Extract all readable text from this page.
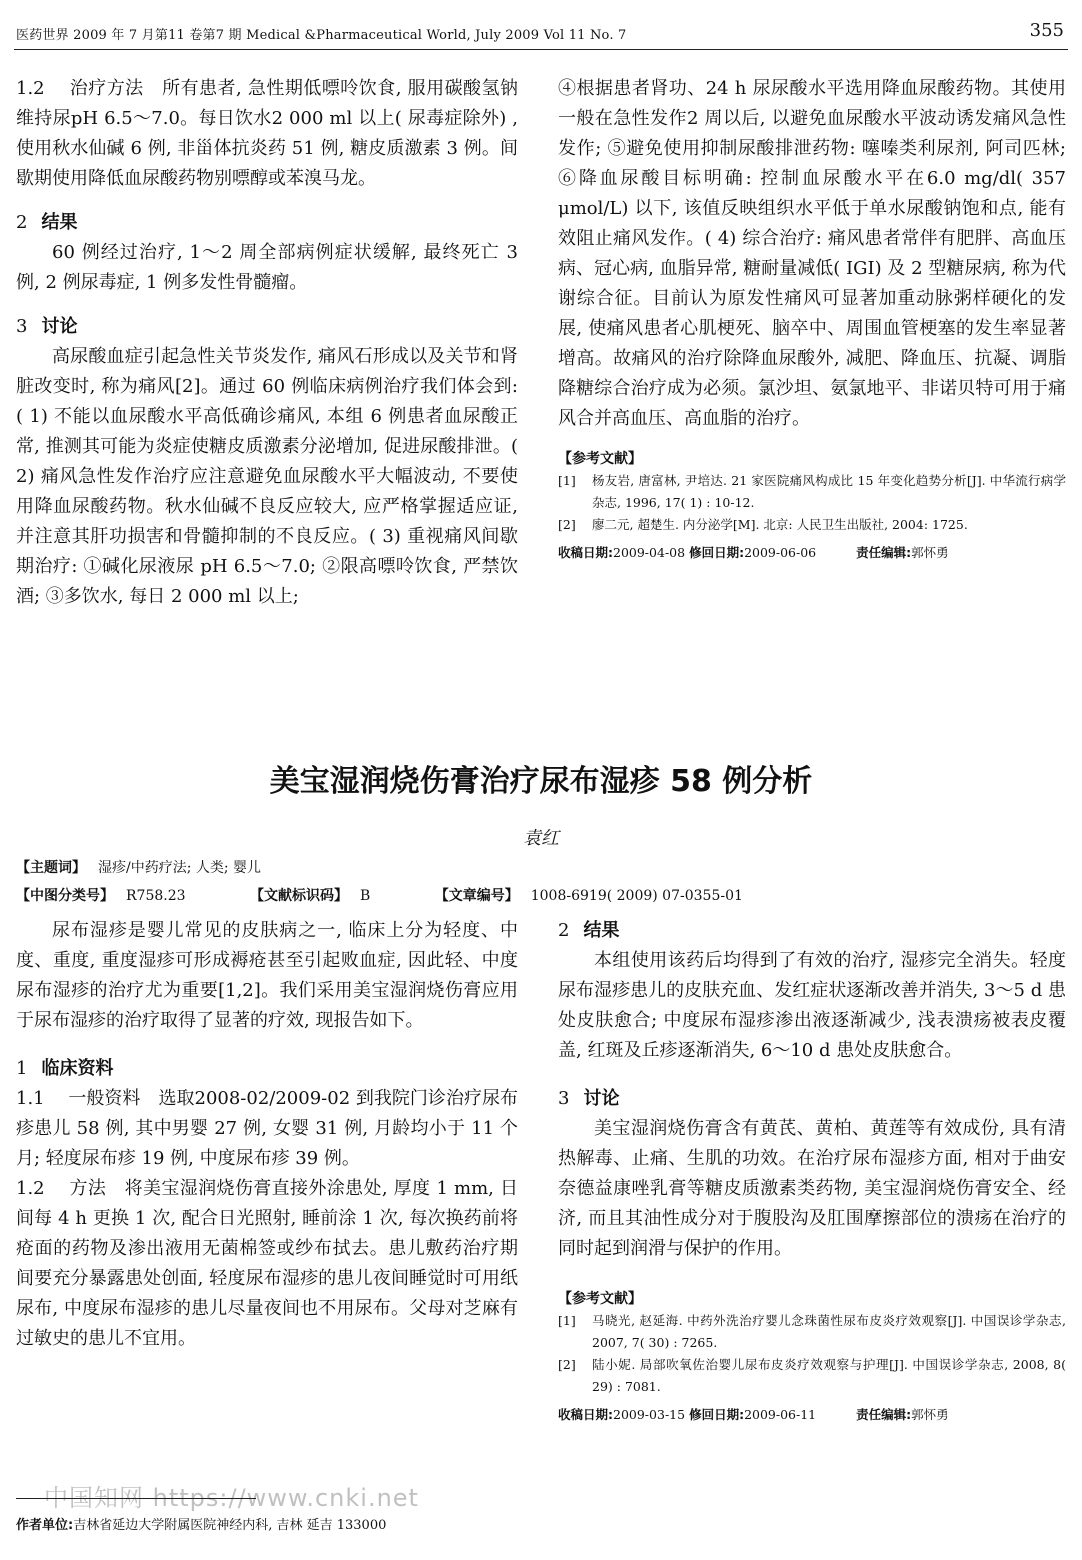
医药世界 2009 年 7 月第11 卷第7 期 Medical &Pharmaceutical World, July 2009 Vol 11 No. 7	355

1.2　 治疗方法　所有患者, 急性期低嘌呤饮食, 服用碳酸氢钠维持尿pH 6.5～7.0。每日饮水2 000 ml 以上( 尿毒症除外) , 使用秋水仙碱 6 例, 非甾体抗炎药 51 例, 糖皮质激素 3 例。间歇期使用降低血尿酸药物别嘌醇或苯溴马龙。

2 结果

60 例经过治疗, 1～2 周全部病例症状缓解, 最终死亡 3 例, 2 例尿毒症, 1 例多发性骨髓瘤。

3 讨论

高尿酸血症引起急性关节炎发作, 痛风石形成以及关节和肾脏改变时, 称为痛风[2]。通过 60 例临床病例治疗我们体会到: ( 1) 不能以血尿酸水平高低确诊痛风, 本组 6 例患者血尿酸正常, 推测其可能为炎症使糖皮质激素分泌增加, 促进尿酸排泄。( 2) 痛风急性发作治疗应注意避免血尿酸水平大幅波动, 不要使用降血尿酸药物。秋水仙碱不良反应较大, 应严格掌握适应证, 并注意其肝功损害和骨髓抑制的不良反应。( 3) 重视痛风间歇期治疗: ①碱化尿液尿 pH 6.5～7.0; ②限高嘌呤饮食, 严禁饮酒; ③多饮水, 每日 2 000 ml 以上;

④根据患者肾功、24 h 尿尿酸水平选用降血尿酸药物。其使用一般在急性发作2 周以后, 以避免血尿酸水平波动诱发痛风急性发作; ⑤避免使用抑制尿酸排泄药物: 噻嗪类利尿剂, 阿司匹林; ⑥降血尿酸目标明确: 控制血尿酸水平在6.0 mg/dl( 357 μmol/L) 以下, 该值反映组织水平低于单水尿酸钠饱和点, 能有效阻止痛风发作。( 4) 综合治疗: 痛风患者常伴有肥胖、高血压病、冠心病, 血脂异常, 糖耐量减低( IGI) 及 2 型糖尿病, 称为代谢综合征。目前认为原发性痛风可显著加重动脉粥样硬化的发展, 使痛风患者心肌梗死、脑卒中、周围血管梗塞的发生率显著增高。故痛风的治疗除降血尿酸外, 减肥、降血压、抗凝、调脂降糖综合治疗成为必须。氯沙坦、氨氯地平、非诺贝特可用于痛风合并高血压、高血脂的治疗。

【参考文献】
[1]	杨友岩, 唐富林, 尹培达. 21 家医院痛风构成比 15 年变化趋势分析[J]. 中华流行病学杂志, 1996, 17( 1) : 10-12.
[2]	廖二元, 超楚生. 内分泌学[M]. 北京: 人民卫生出版社, 2004: 1725.
收稿日期:2009-04-08 修回日期:2009-06-06	责任编辑:郭怀勇
美宝湿润烧伤膏治疗尿布湿疹 58 例分析
袁红
【主题词】 湿疹/中药疗法; 人类; 婴儿
【中图分类号】 R758.23	【文献标识码】 B	【文章编号】 1008-6919( 2009) 07-0355-01

尿布湿疹是婴儿常见的皮肤病之一, 临床上分为轻度、中度、重度, 重度湿疹可形成褥疮甚至引起败血症, 因此轻、中度尿布湿疹的治疗尤为重要[1,2]。我们采用美宝湿润烧伤膏应用于尿布湿疹的治疗取得了显著的疗效, 现报告如下。

1 临床资料

1.1　 一般资料　选取2008-02/2009-02 到我院门诊治疗尿布疹患儿 58 例, 其中男婴 27 例, 女婴 31 例, 月龄均小于 11 个月; 轻度尿布疹 19 例, 中度尿布疹 39 例。

1.2　 方法　将美宝湿润烧伤膏直接外涂患处, 厚度 1 mm, 日间每 4 h 更换 1 次, 配合日光照射, 睡前涂 1 次, 每次换药前将疮面的药物及渗出液用无菌棉签或纱布拭去。患儿敷药治疗期间要充分暴露患处创面, 轻度尿布湿疹的患儿夜间睡觉时可用纸尿布, 中度尿布湿疹的患儿尽量夜间也不用尿布。父母对芝麻有过敏史的患儿不宜用。

2 结果

本组使用该药后均得到了有效的治疗, 湿疹完全消失。轻度尿布湿疹患儿的皮肤充血、发红症状逐渐改善并消失, 3～5 d 患处皮肤愈合; 中度尿布湿疹渗出液逐渐减少, 浅表溃疡被表皮覆盖, 红斑及丘疹逐渐消失, 6～10 d 患处皮肤愈合。

3 讨论

美宝湿润烧伤膏含有黄芪、黄柏、黄莲等有效成份, 具有清热解毒、止痛、生肌的功效。在治疗尿布湿疹方面, 相对于曲安奈德益康唑乳膏等糖皮质激素类药物, 美宝湿润烧伤膏安全、经济, 而且其油性成分对于腹股沟及肛围摩擦部位的溃疡在治疗的同时起到润滑与保护的作用。

【参考文献】
[1]	马晓光, 赵延海. 中药外洗治疗婴儿念珠菌性尿布皮炎疗效观察[J]. 中国误诊学杂志, 2007, 7( 30) : 7265.
[2]	陆小妮. 局部吹氧佐治婴儿尿布皮炎疗效观察与护理[J]. 中国误诊学杂志, 2008, 8( 29) : 7081.
收稿日期:2009-03-15 修回日期:2009-06-11	责任编辑:郭怀勇
中国知网 https://www.cnki.net
作者单位:吉林省延边大学附属医院神经内科, 吉林 延吉 133000
